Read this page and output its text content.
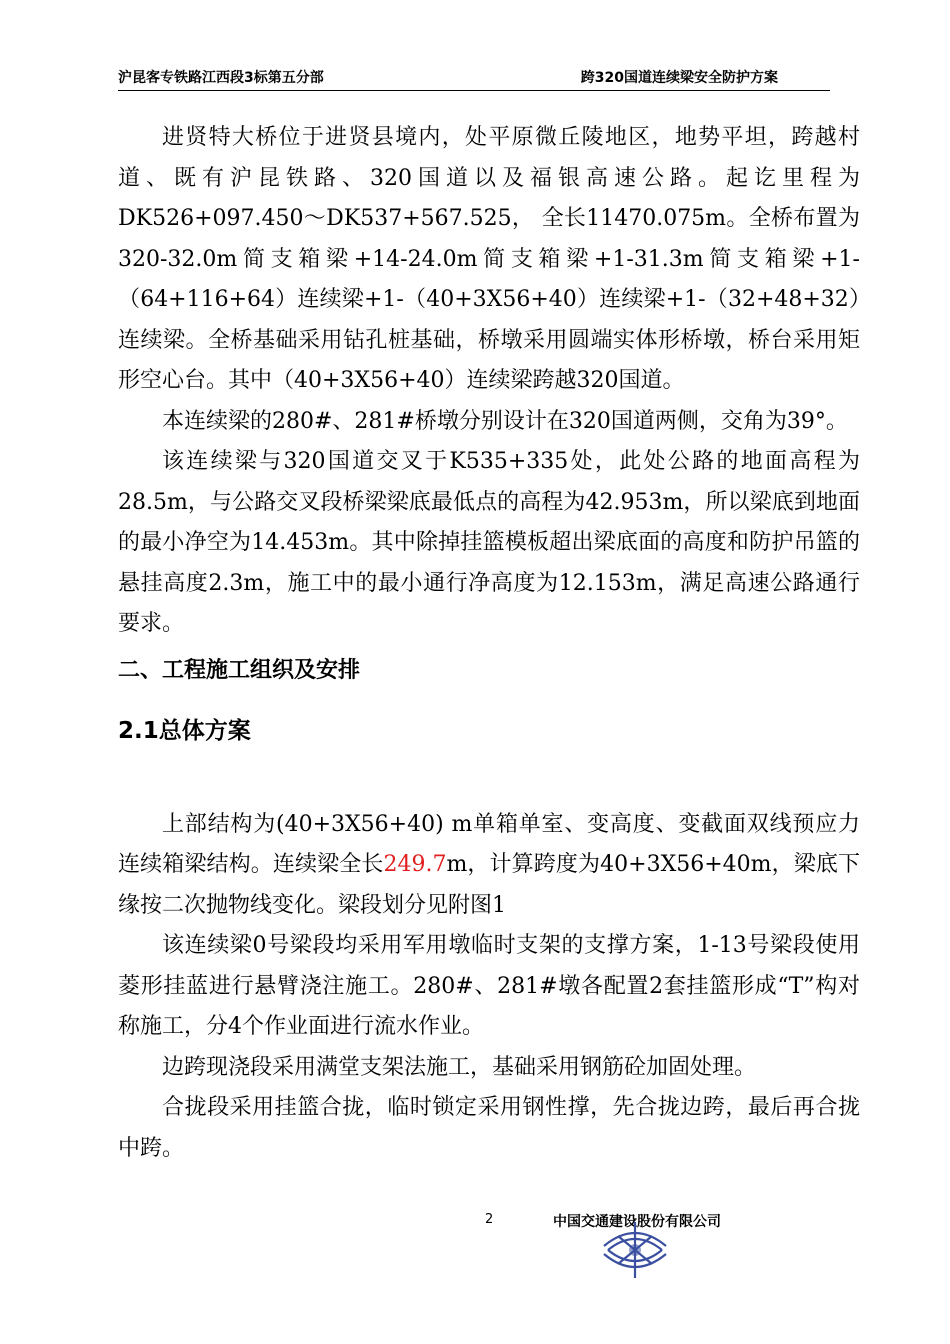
沪昆客专铁路江西段3标第五分部	跨320国道连续梁安全防护方案

进贤特大桥位于进贤县境内，处平原微丘陵地区，地势平坦，跨越村道、既有沪昆铁路、320国道以及福银高速公路。起讫里程为DK526+097.450～DK537+567.525， 全长11470.075m。全桥布置为320-32.0m简支箱梁+14-24.0m简支箱梁+1-31.3m简支箱梁+1-（64+116+64）连续梁+1-（40+3X56+40）连续梁+1-（32+48+32）连续梁。全桥基础采用钻孔桩基础，桥墩采用圆端实体形桥墩，桥台采用矩形空心台。其中（40+3X56+40）连续梁跨越320国道。

本连续梁的280#、281#桥墩分别设计在320国道两侧，交角为39°。

该连续梁与320国道交叉于K535+335处，此处公路的地面高程为28.5m，与公路交叉段桥梁梁底最低点的高程为42.953m，所以梁底到地面的最小净空为14.453m。其中除掉挂篮模板超出梁底面的高度和防护吊篮的悬挂高度2.3m，施工中的最小通行净高度为12.153m，满足高速公路通行要求。

二、工程施工组织及安排
2.1总体方案

上部结构为(40+3X56+40) m单箱单室、变高度、变截面双线预应力连续箱梁结构。连续梁全长249.7m，计算跨度为40+3X56+40m，梁底下缘按二次抛物线变化。梁段划分见附图1

该连续梁0号梁段均采用军用墩临时支架的支撑方案，1-13号梁段使用菱形挂蓝进行悬臂浇注施工。280#、281#墩各配置2套挂篮形成“T”构对称施工，分4个作业面进行流水作业。

边跨现浇段采用满堂支架法施工，基础采用钢筋砼加固处理。

合拢段采用挂篮合拢，临时锁定采用钢性撑，先合拢边跨，最后再合拢中跨。

2	中国交通建设股份有限公司
